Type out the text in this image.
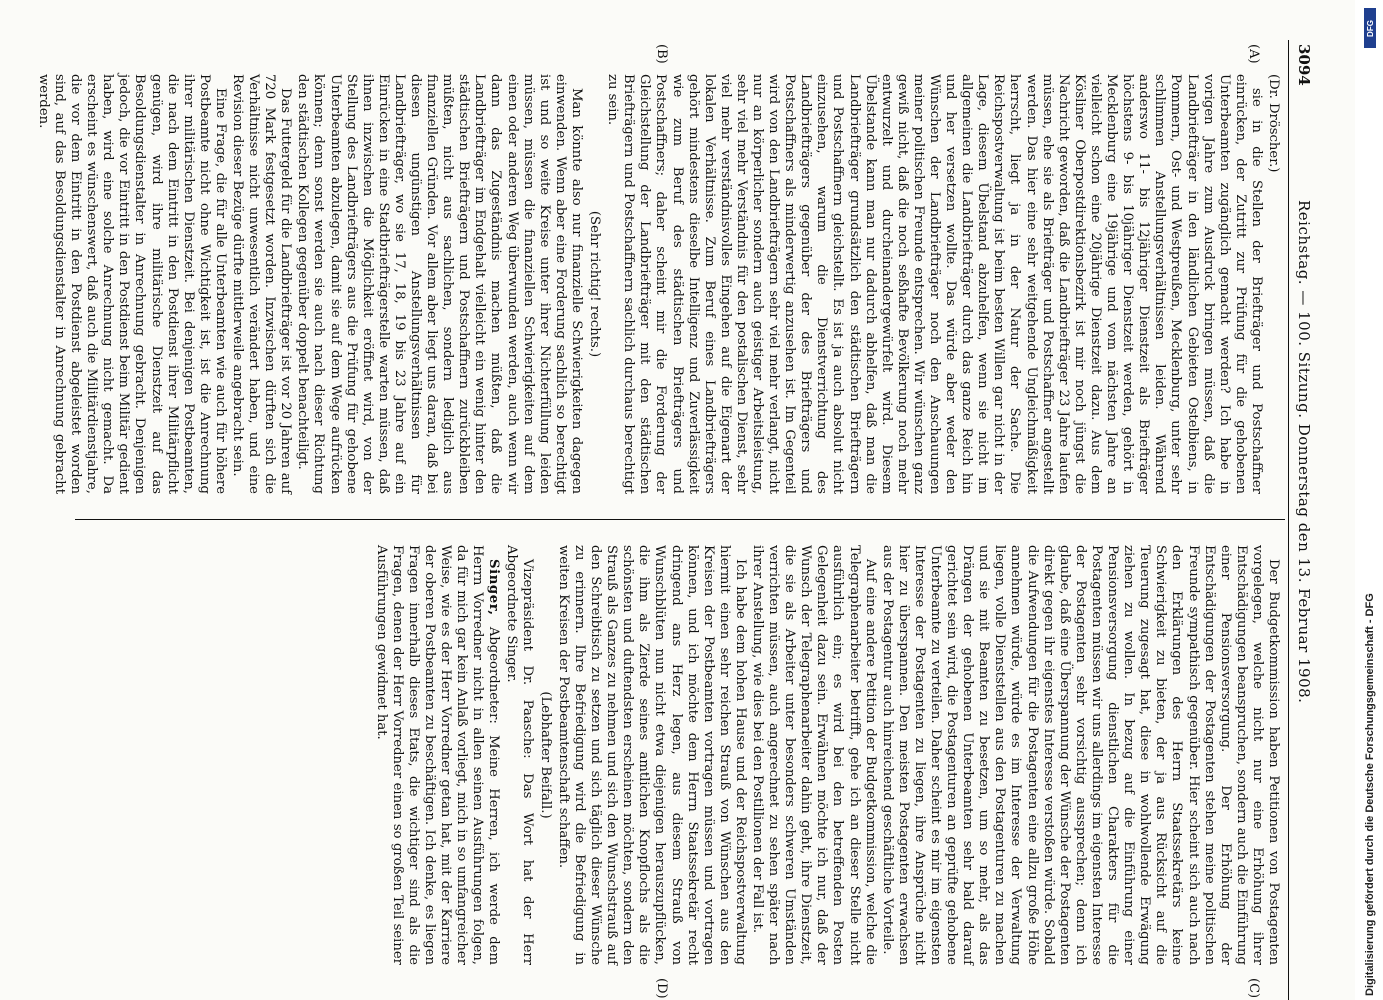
3094
Reichstag. — 100. Sitzung. Donnerstag den 13. Februar 1908.
(A)
(B)
(C)
(D)

(Dr. Dröscher.)

sie in die Stellen der Briefträger und Postschaffner einrücken, der Zutritt zur Prüfung für die gehobenen Unterbeamten zugänglich gemacht werden? Ich habe in vorigen Jahre zum Ausdruck bringen müssen, daß die Landbriefträger in den ländlichen Gebieten Ostelbiens, in Pommern, Ost- und Westpreußen, Mecklenburg, unter sehr schlimmen Anstellungsverhältnissen leiden. Während anderswo 11- bis 12jähriger Dienstzeit als Briefträger höchstens 9- bis 10jähriger Dienstzeit werden, gehört in Mecklenburg eine 19jährige und vom nächsten Jahre an vielleicht schon eine 20jährige Dienstzeit dazu. Aus dem Kösliner Oberpostdirektionsbezirk ist mir noch jüngst die Nachricht geworden, daß die Landbriefträger 23 Jahre laufen müssen, ehe sie als Briefträger und Postschaffner angestellt werden. Das hier eine sehr weitgehende Ungleichmäßigkeit herrscht, liegt ja in der Natur der Sache. Die Reichspostverwaltung ist beim besten Willen gar nicht in der Lage, diesem Übelstand abzuhelfen, wenn sie nicht im allgemeinen die Landbriefträger durch das ganze Reich hin und her versetzen wollte. Das würde aber weder den Wünschen der Landbriefträger noch den Anschauungen meiner politischen Freunde entsprechen. Wir wünschen ganz gewiß nicht, daß die noch seßhafte Bevölkerung noch mehr entwurzelt und durcheinandergewürfelt wird. Diesem Übelstande kann man nur dadurch abhelfen, daß man die Landbriefträger grundsätzlich den städtischen Briefträgern und Postschaffnern gleichstellt. Es ist ja auch absolut nicht einzusehen, warum die Dienstverrichtung des Landbriefträgers gegenüber der des Briefträgers und Postschaffners als minderwertig anzusehen ist. Im Gegenteil wird von den Landbriefträgern sehr viel mehr verlangt, nicht nur an körperlicher sondern auch geistiger Arbeitsleistung, sehr viel mehr Verständnis für den postalischen Dienst, sehr viel mehr verständnisvolles Eingehen auf die Eigenart der lokalen Verhältnisse. Zum Beruf eines Landbriefträgers gehört mindestens dieselbe Intelligenz und Zuverlässigkeit wie zum Beruf des städtischen Briefträgers und Postschaffners; daher scheint mir die Forderung der Gleichstellung der Landbriefträger mit den städtischen Briefträgern und Postschaffnern sachlich durchaus berechtigt zu sein.

(Sehr richtig! rechts.)

Man könnte also nur finanzielle Schwierigkeiten dagegen einwenden. Wenn aber eine Forderung sachlich so berechtigt ist und so weite Kreise unter ihrer Nichterfüllung leiden müssen, müssen die finanziellen Schwierigkeiten auf dem einen oder anderen Weg überwunden werden, auch wenn wir dann das Zugeständnis machen müßten, daß die Landbriefträger im Endgehalt vielleicht ein wenig hinter den städtischen Briefträgern und Postschaffnern zurückbleiben müßten, nicht aus sachlichen, sondern lediglich aus finanziellen Gründen. Vor allem aber liegt uns daran, daß bei diesen ungünstigen Anstellungsverhältnissen für Landbriefträger, wo sie 17, 18, 19 bis 23 Jahre auf ein Einrücken in eine Stadtbriefträgerstelle warten müssen, daß ihnen inzwischen die Möglichkeit eröffnet wird, von der Stellung des Landbriefträgers aus die Prüfung für gehobene Unterbeamten abzulegen, damit sie auf dem Wege aufrücken können; denn sonst werden sie auch nach dieser Richtung den städtischen Kollegen gegenüber doppelt benachteiligt.

Das Futtergeld für die Landbriefträger ist vor 20 Jahren auf 720 Mark festgesetzt worden. Inzwischen dürften sich die Verhältnisse nicht unwesentlich verändert haben, und eine Revision dieser Bezüge dürfte mittlerweile angebracht sein.

Eine Frage, die für alle Unterbeamten wie auch für höhere Postbeamte nicht ohne Wichtigkeit ist, ist die Anrechnung ihrer militärischen Dienstzeit. Bei denjenigen Postbeamten, die nach dem Eintritt in den Postdienst ihrer Militärpflicht genügen, wird ihre militärische Dienstzeit auf das Besoldungsdienstalter in Anrechnung gebracht. Denjenigen jedoch, die vor Eintritt in den Postdienst beim Militär gedient haben, wird eine solche Anrechnung nicht gemacht. Da erscheint es wünschenswert, daß auch die Militärdienstjahre, die vor dem Eintritt in den Postdienst abgeleistet worden sind, auf das Besoldungsdienstalter in Anrechnung gebracht werden.

Der Budgetkommission haben Petitionen von Postagenten vorgelegen, welche nicht nur eine Erhöhung ihrer Entschädigungen beanspruchen, sondern auch die Einführung einer Pensionsversorgung. Der Erhöhung der Entschädigungen der Postagenten stehen meine politischen Freunde sympathisch gegenüber. Hier scheint sich auch nach den Erklärungen des Herrn Staatssekretärs keine Schwierigkeit zu bieten, der ja aus Rücksicht auf die Teuerung zugesagt hat, diese in wohlwollende Erwägung ziehen zu wollen. In bezug auf die Einführung einer Pensionsversorgung dienstlichen Charakters für die Postagenten müssen wir uns allerdings im eigensten Interesse der Postagenten sehr vorsichtig aussprechen; denn ich glaube, daß eine Überspannung der Wünsche der Postagenten direkt gegen ihr eigenstes Interesse verstoßen würde. Sobald die Aufwendungen für die Postagenten eine allzu große Höhe annehmen würde, würde es im Interesse der Verwaltung liegen, volle Dienststellen aus den Postagenturen zu machen und sie mit Beamten zu besetzen, um so mehr, als das Drängen der gehobenen Unterbeamten sehr bald darauf gerichtet sein wird, die Postagenturen an geprüfte gehobene Unterbeamte zu verteilen. Daher scheint es mir im eigensten Interesse der Postagenten zu liegen, ihre Ansprüche nicht hier zu überspannen. Den meisten Postagenten erwachsen aus der Postagentur auch hinreichend geschäftliche Vorteile.

Auf eine andere Petition der Budgetkommission, welche die Telegraphenarbeiter betrifft, gehe ich an dieser Stelle nicht ausführlich ein; es wird bei den betreffenden Posten Gelegenheit dazu sein. Erwähnen möchte ich nur, daß der Wunsch der Telegraphenarbeiter dahin geht, ihre Dienstzeit, die sie als Arbeiter unter besonders schweren Umständen verrichten müssen, auch angerechnet zu sehen später nach ihrer Anstellung, wie dies bei den Postillionen der Fall ist.

Ich habe dem hohen Hause und der Reichspostverwaltung hiermit einen sehr reichen Strauß von Wünschen aus den Kreisen der Postbeamten vortragen müssen und vortragen können, und ich möchte dem Herrn Staatssekretär recht dringend ans Herz legen, aus diesem Strauß von Wunschblüten nun nicht etwa diejenigen herauszupflücken, die ihm als Zierde seines amtlichen Knopflochs als die schönsten und duftendsten erscheinen möchten, sondern den Strauß als Ganzes zu nehmen und sich den Wunschstrauß auf den Schreibtisch zu setzen und sich täglich dieser Wünsche zu erinnern. Ihre Befriedigung wird die Befriedigung in weiten Kreisen der Postbeamtenschaft schaffen.

(Lebhafter Beifall.)

Vizepräsident Dr. Paasche: Das Wort hat der Herr Abgeordnete Singer.

Singer, Abgeordneter: Meine Herren, ich werde dem Herrn Vorredner nicht in allen seinen Ausführungen folgen, da für mich gar kein Anlaß vorliegt, mich in so umfangreicher Weise, wie es der Herr Vorredner getan hat, mit der Karriere der oberen Postbeamten zu beschäftigen. Ich denke, es liegen Fragen innerhalb dieses Etats, die wichtiger sind als die Fragen, denen der Herr Vorredner einen so großen Teil seiner Ausführungen gewidmet hat.

DFG
Digitalisierung gefördert durch die Deutsche Forschungsgemeinschaft - DFG
